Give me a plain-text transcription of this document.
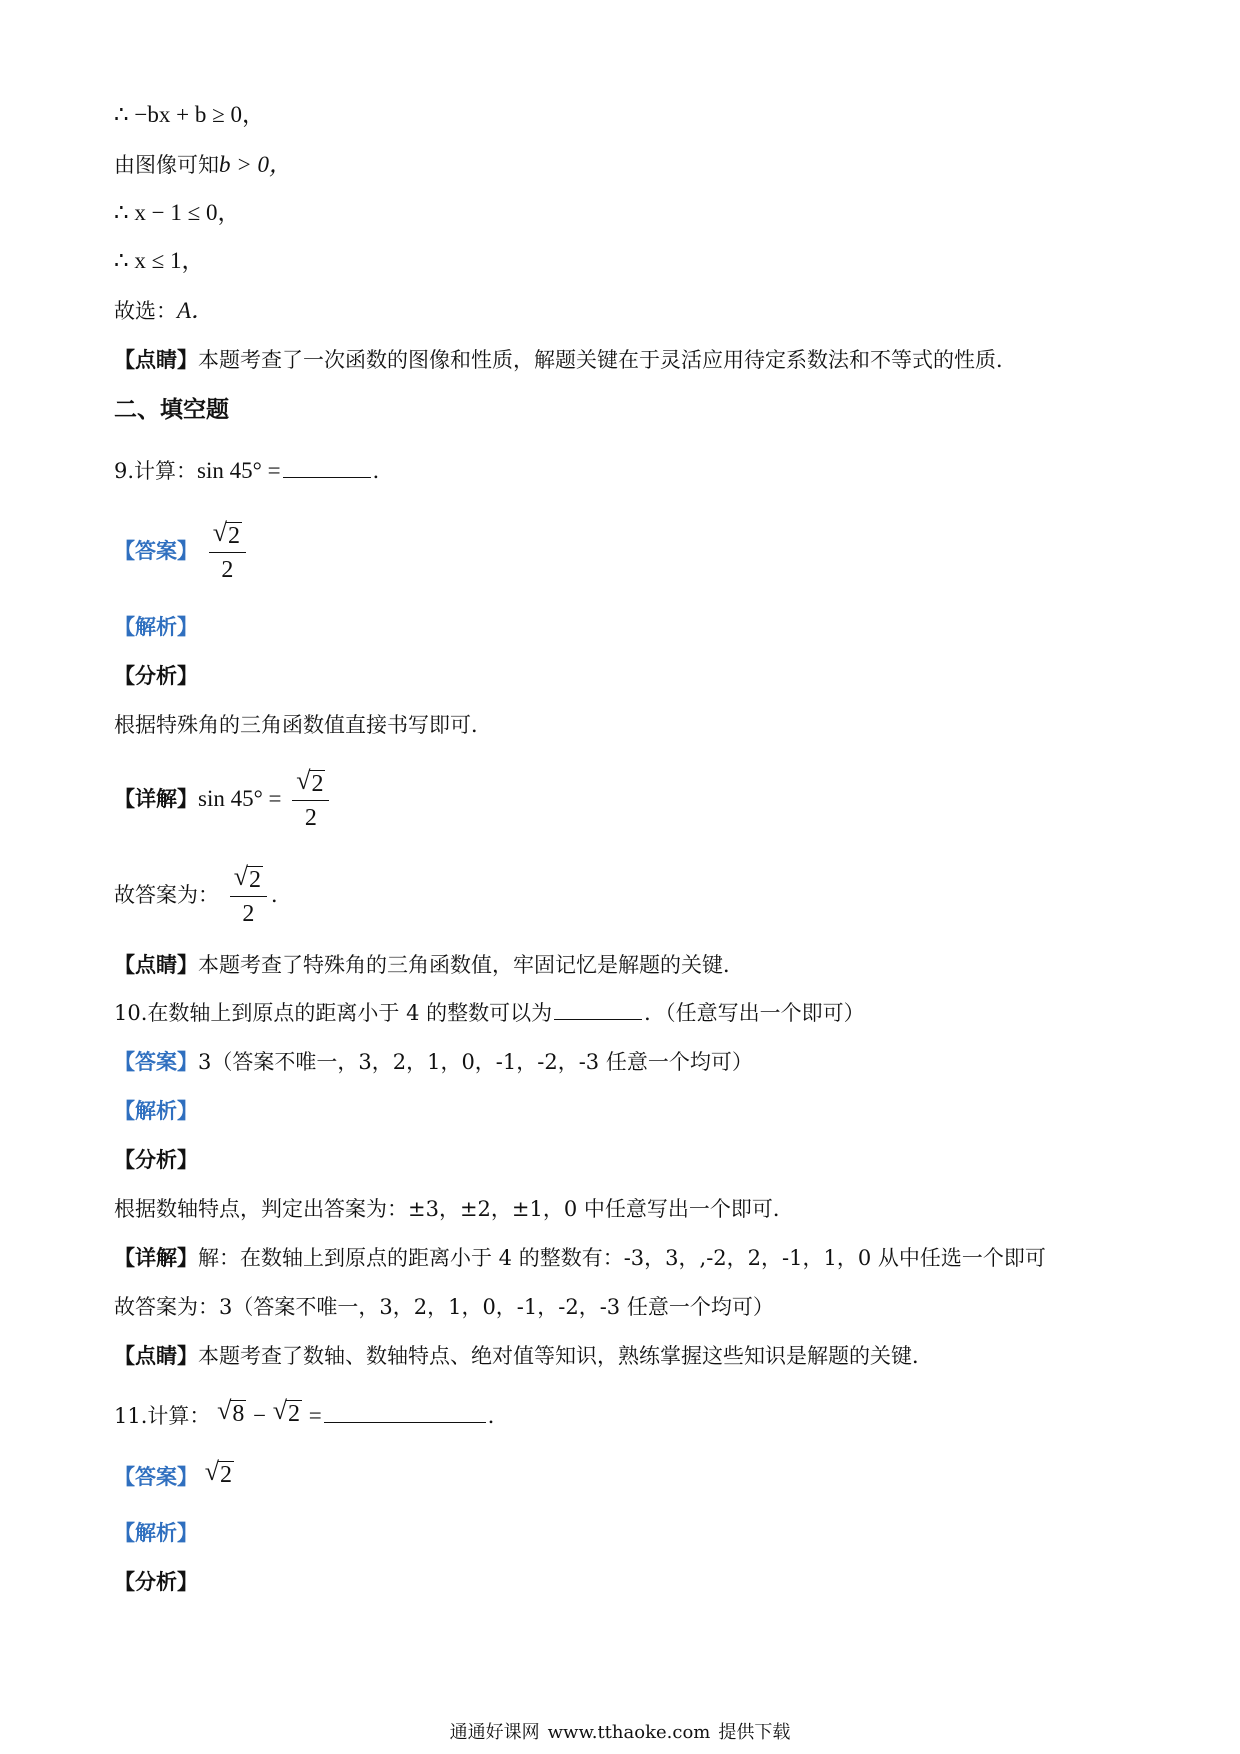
∴ −bx + b ≥ 0，
由图像可知b > 0，
∴ x − 1 ≤ 0，
∴ x ≤ 1，
故选：A．
【点睛】本题考查了一次函数的图像和性质，解题关键在于灵活应用待定系数法和不等式的性质．
二、填空题
9.计算：sin 45° =	．
【答案】 $\frac{√2}{2}$
【解析】
【分析】
根据特殊角的三角函数值直接书写即可．
【详解】$\sin 45^\circ = \frac{√2}{2}$
故答案为： $\frac{√2}{2}$ ．
【点睛】本题考查了特殊角的三角函数值，牢固记忆是解题的关键．
10.在数轴上到原点的距离小于 4 的整数可以为	．（任意写出一个即可）
【答案】3（答案不唯一，3，2，1，0，-1，-2，-3 任意一个均可）
【解析】
【分析】
根据数轴特点，判定出答案为：±3，±2，±1，0 中任意写出一个即可．
【详解】解：在数轴上到原点的距离小于 4 的整数有：-3，3，,-2，2，-1，1，0 从中任选一个即可
故答案为：3（答案不唯一，3，2，1，0，-1，-2，-3 任意一个均可）
【点睛】本题考查了数轴、数轴特点、绝对值等知识，熟练掌握这些知识是解题的关键．
11.计算： √8 − √2 =	．
【答案】 √2
【解析】
【分析】
通通好课网 www.tthaoke.com 提供下载
